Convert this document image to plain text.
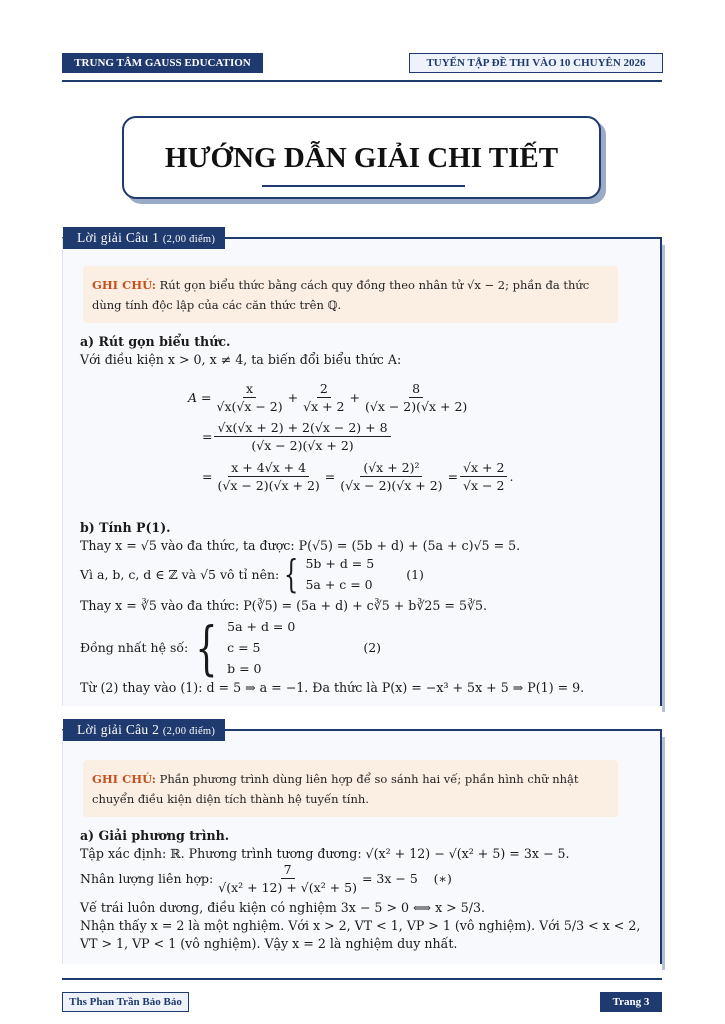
TRUNG TÂM GAUSS EDUCATION	TUYỂN TẬP ĐỀ THI VÀO 10 CHUYÊN 2026
HƯỚNG DẪN GIẢI CHI TIẾT
Lời giải Câu 1 (2,00 điểm)
GHI CHÚ: Rút gọn biểu thức bằng cách quy đồng theo nhân tử √x − 2; phần đa thức
dùng tính độc lập của các căn thức trên ℚ.
a) Rút gọn biểu thức.
Với điều kiện x > 0, x ≠ 4, ta biến đổi biểu thức A:
$A = \frac{x}{√x(√x - 2)} + \frac{2}{√x + 2} + \frac{8}{(√x - 2)(√x + 2)}$
= $\frac{√x(√x + 2) + 2(√x - 2) + 8}{(√x - 2)(√x + 2)}$
= $\frac{x + 4√x + 4}{(√x - 2)(√x + 2)} = \frac{\text{(√x + 2)²}}{(√x - 2)(√x + 2)} = \frac{√x + 2}{√x - 2}$ .
b) Tính P(1).
Thay x = √5 vào đa thức, ta được: P(√5) = (5b + d) + (5a + c)√5 = 5.
Vì a, b, c, d ∈ ℤ và √5 vô tỉ nên: { 5b + d = 5
5a + c = 0
(1)
Thay x = ∛5 vào đa thức: P(∛5) = (5a + d) + c∛5 + b∛25 = 5∛5.
Đồng nhất hệ số: { 5a + d = 0
c = 5
b = 0
(2)
Từ (2) thay vào (1): d = 5 ⇒ a = −1. Đa thức là P(x) = −x³ + 5x + 5 ⇒ P(1) = 9.
Lời giải Câu 2 (2,00 điểm)
GHI CHÚ: Phần phương trình dùng liên hợp để so sánh hai vế; phần hình chữ nhật
chuyển điều kiện diện tích thành hệ tuyến tính.
a) Giải phương trình.
Tập xác định: ℝ. Phương trình tương đương: √(x² + 12) − √(x² + 5) = 3x − 5.
Nhân lượng liên hợp: $\frac{7}{\text{√(x² + 12) + √(x² + 5)}} = 3x - 5$    (∗)
Vế trái luôn dương, điều kiện có nghiệm 3x − 5 > 0 ⟺ x > 5/3.
Nhận thấy x = 2 là một nghiệm. Với x > 2, VT < 1, VP > 1 (vô nghiệm). Với 5/3 < x < 2,
VT > 1, VP < 1 (vô nghiệm). Vậy x = 2 là nghiệm duy nhất.
Ths Phan Trần Bảo Bảo	Trang 3
